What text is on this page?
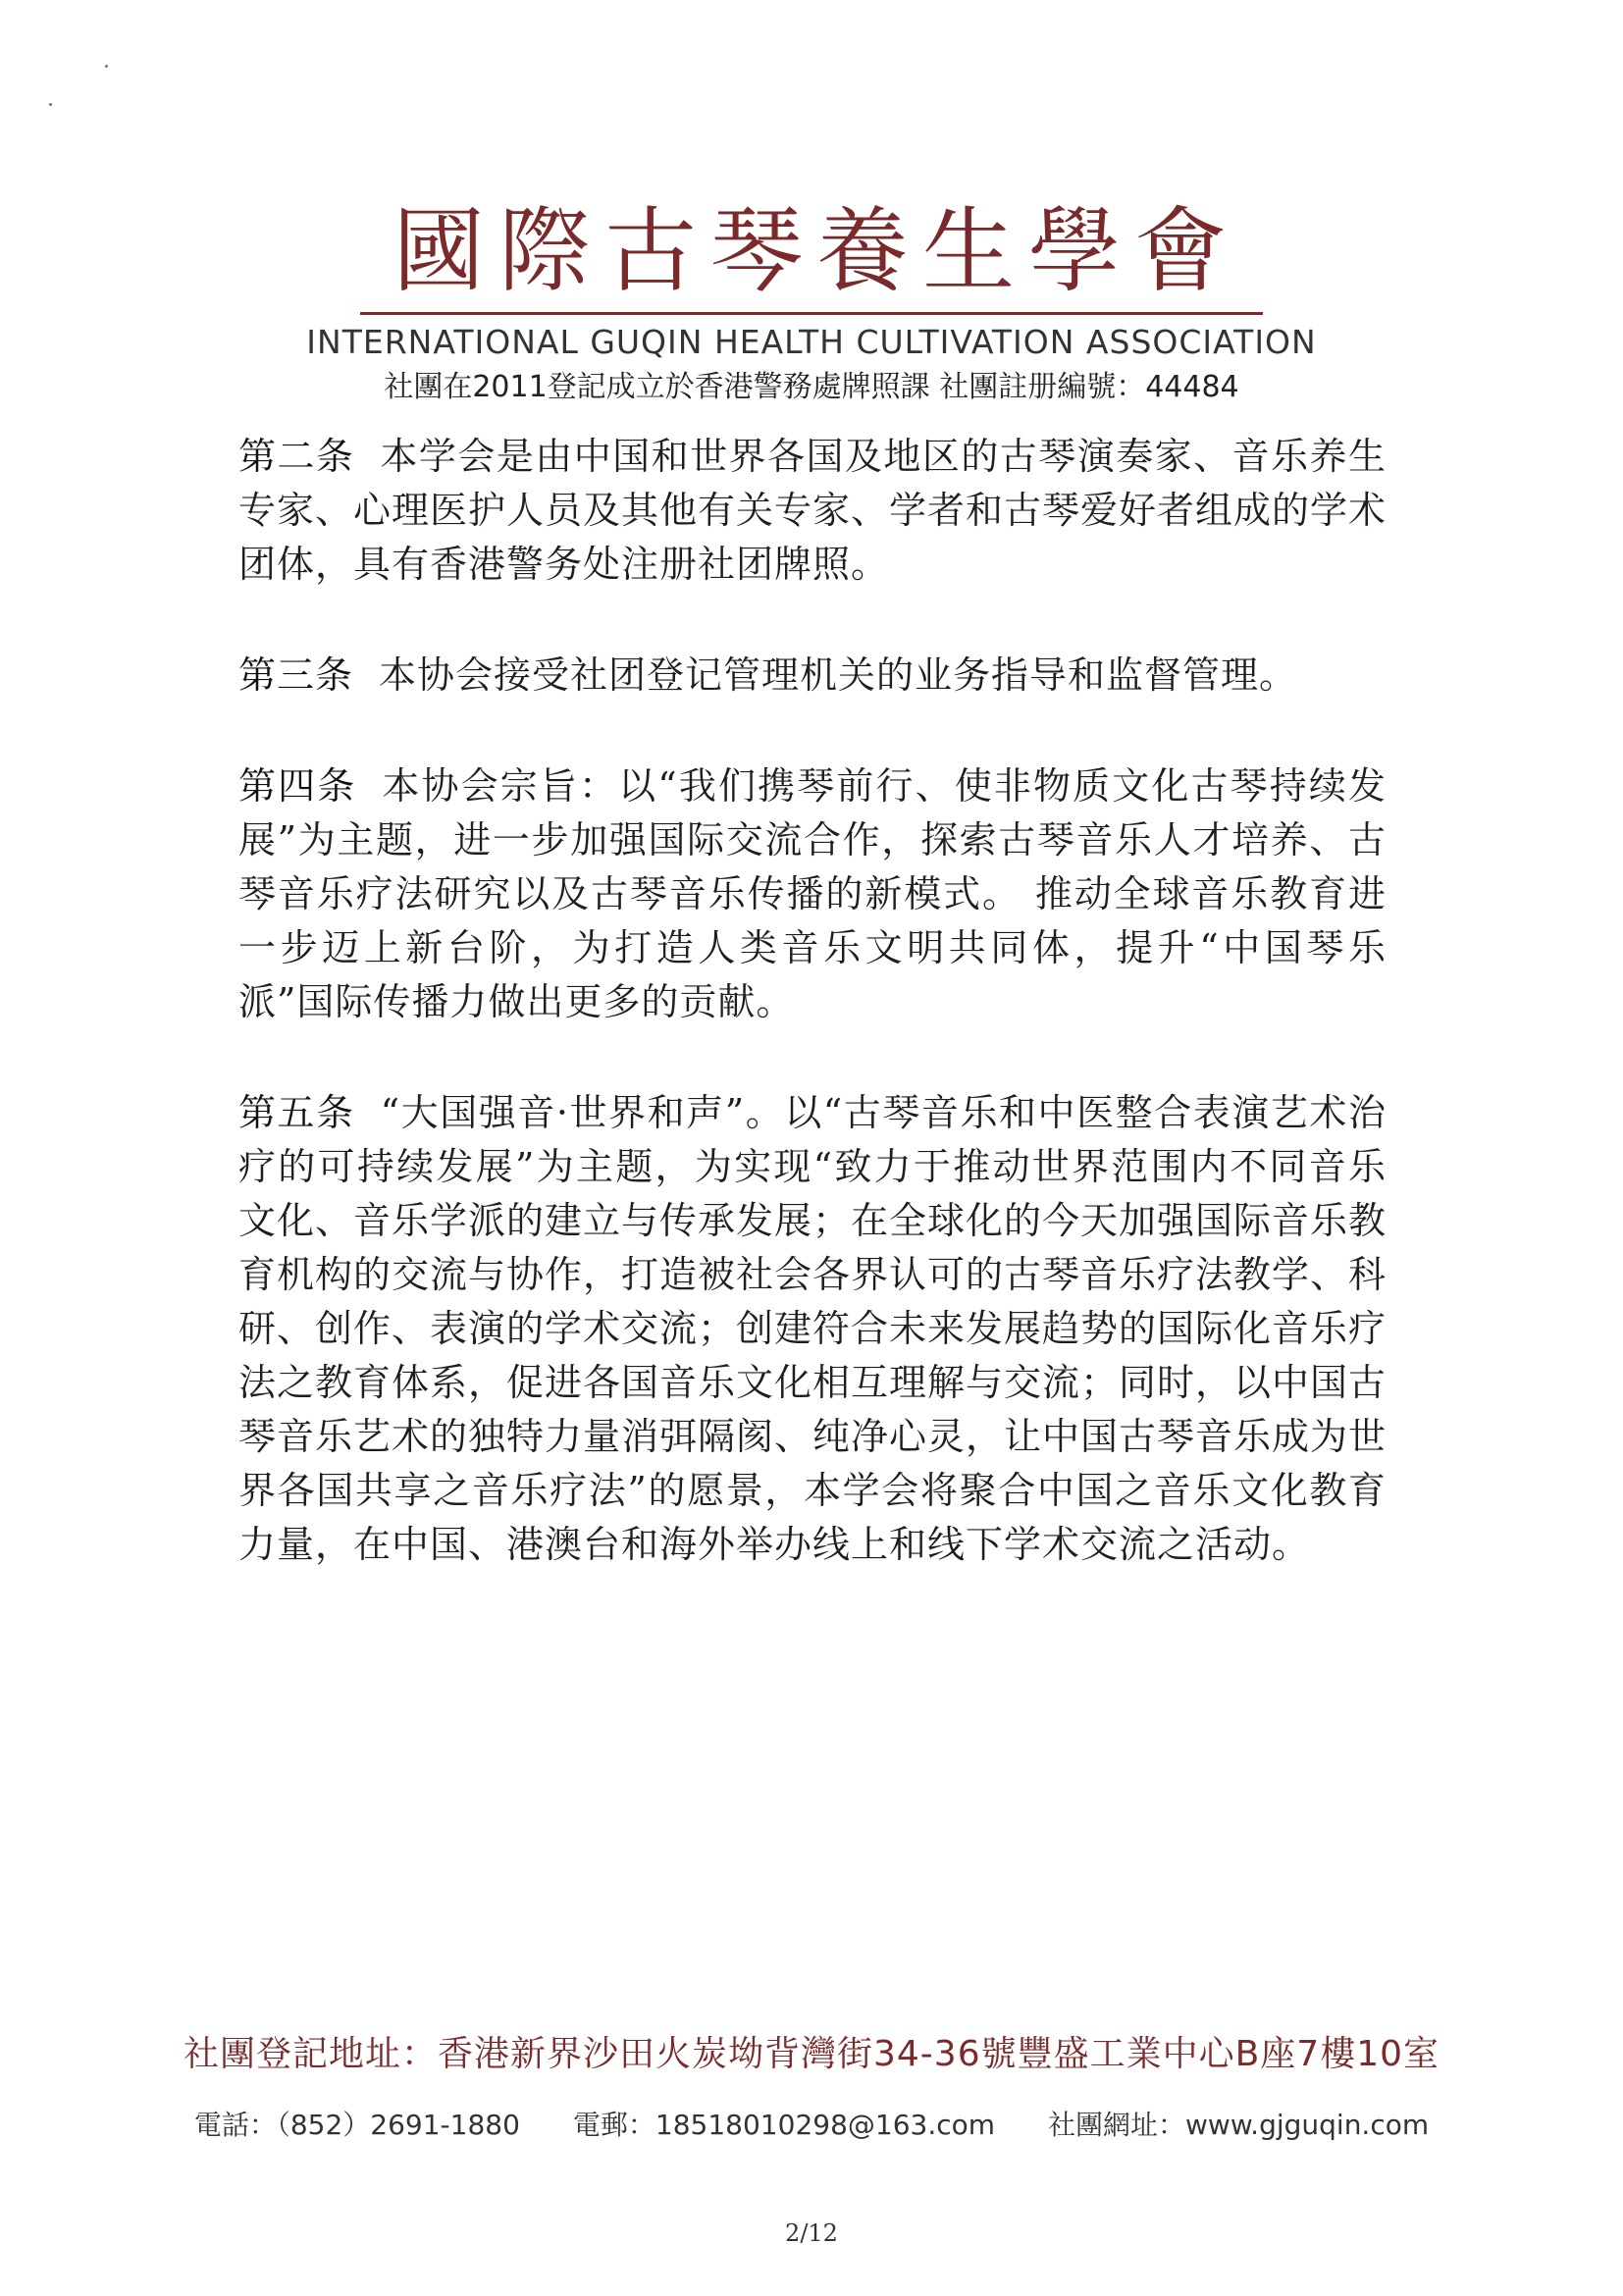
國際古琴養生學會
INTERNATIONAL GUQIN HEALTH CULTIVATION ASSOCIATION
社團在2011登記成立於香港警務處牌照課 社團註册編號：44484

第二条 本学会是由中国和世界各国及地区的古琴演奏家、音乐养生专家、心理医护人员及其他有关专家、学者和古琴爱好者组成的学术团体，具有香港警务处注册社团牌照。

第三条 本协会接受社团登记管理机关的业务指导和监督管理。

第四条 本协会宗旨：以“我们携琴前行、使非物质文化古琴持续发展”为主题，进一步加强国际交流合作，探索古琴音乐人才培养、古琴音乐疗法研究以及古琴音乐传播的新模式。 推动全球音乐教育进一步迈上新台阶，为打造人类音乐文明共同体，提升“中国琴乐派”国际传播力做出更多的贡献。

第五条 “大国强音·世界和声”。以“古琴音乐和中医整合表演艺术治疗的可持续发展”为主题，为实现“致力于推动世界范围内不同音乐文化、音乐学派的建立与传承发展；在全球化的今天加强国际音乐教育机构的交流与协作，打造被社会各界认可的古琴音乐疗法教学、科研、创作、表演的学术交流；创建符合未来发展趋势的国际化音乐疗法之教育体系，促进各国音乐文化相互理解与交流；同时，以中国古琴音乐艺术的独特力量消弭隔阂、纯净心灵，让中国古琴音乐成为世界各国共享之音乐疗法”的愿景，本学会将聚合中国之音乐文化教育力量，在中国、港澳台和海外举办线上和线下学术交流之活动。

社團登記地址：香港新界沙田火炭坳背灣街34-36號豐盛工業中心B座7樓10室
電話：（852）2691-1880 電郵：18518010298@163.com 社團網址：www.gjguqin.com
2/12
